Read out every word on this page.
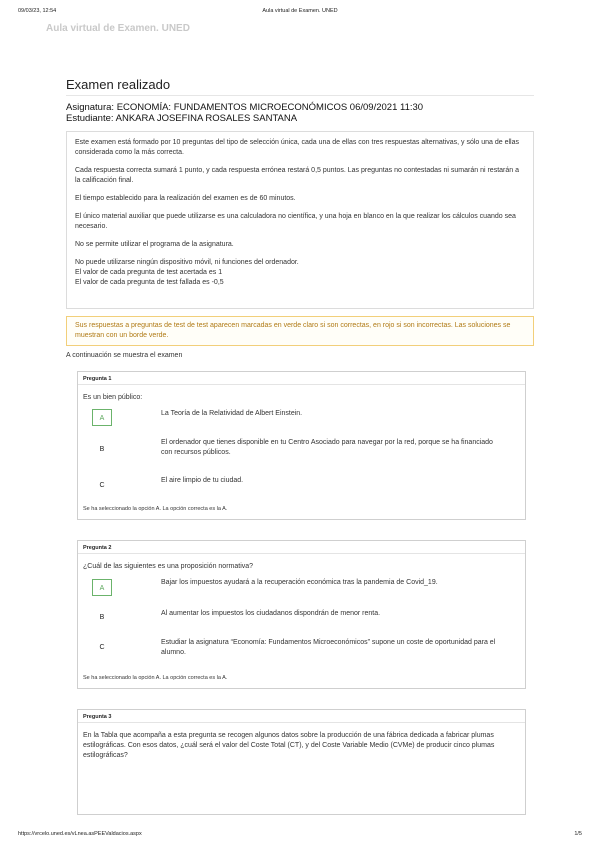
09/03/23, 12:54	Aula virtual de Examen. UNED
Aula virtual de Examen. UNED
Examen realizado
Asignatura: ECONOMÍA: FUNDAMENTOS MICROECONÓMICOS 06/09/2021 11:30
Estudiante: ANKARA JOSEFINA ROSALES SANTANA

Este examen está formado por 10 preguntas del tipo de selección única, cada una de ellas con tres respuestas alternativas, y sólo una de ellas considerada como la más correcta.

Cada respuesta correcta sumará 1 punto, y cada respuesta errónea restará 0,5 puntos. Las preguntas no contestadas ni sumarán ni restarán a la calificación final.

El tiempo establecido para la realización del examen es de 60 minutos.

El único material auxiliar que puede utilizarse es una calculadora no científica, y una hoja en blanco en la que realizar los cálculos cuando sea necesario.

No se permite utilizar el programa de la asignatura.

No puede utilizarse ningún dispositivo móvil, ni funciones del ordenador.

El valor de cada pregunta de test acertada es 1

El valor de cada pregunta de test fallada es -0,5

Sus respuestas a preguntas de test de test aparecen marcadas en verde claro si son correctas, en rojo si son incorrectas. Las soluciones se muestran con un borde verde.
A continuación se muestra el examen
Pregunta 1
Es un bien público:
A
La Teoría de la Relatividad de Albert Einstein.
B
El ordenador que tienes disponible en tu Centro Asociado para navegar por la red, porque se ha financiado con recursos públicos.
C
El aire limpio de tu ciudad.
Se ha seleccionado la opción A. La opción correcta es la A.
Pregunta 2
¿Cuál de las siguientes es una proposición normativa?
A
Bajar los impuestos ayudará a la recuperación económica tras la pandemia de Covid_19.
B
Al aumentar los impuestos los ciudadanos dispondrán de menor renta.
C
Estudiar la asignatura “Economía: Fundamentos Microeconómicos” supone un coste de oportunidad para el alumno.
Se ha seleccionado la opción A. La opción correcta es la A.
Pregunta 3
En la Tabla que acompaña a esta pregunta se recogen algunos datos sobre la producción de una fábrica dedicada a fabricar plumas estilográficas. Con esos datos, ¿cuál será el valor del Coste Total (CT), y del Coste Variable Medio (CVMe) de producir cinco plumas estilográficas?
https://vrcelo.uned.es/vLnea.asPEEValdacios.aspx	1/5
